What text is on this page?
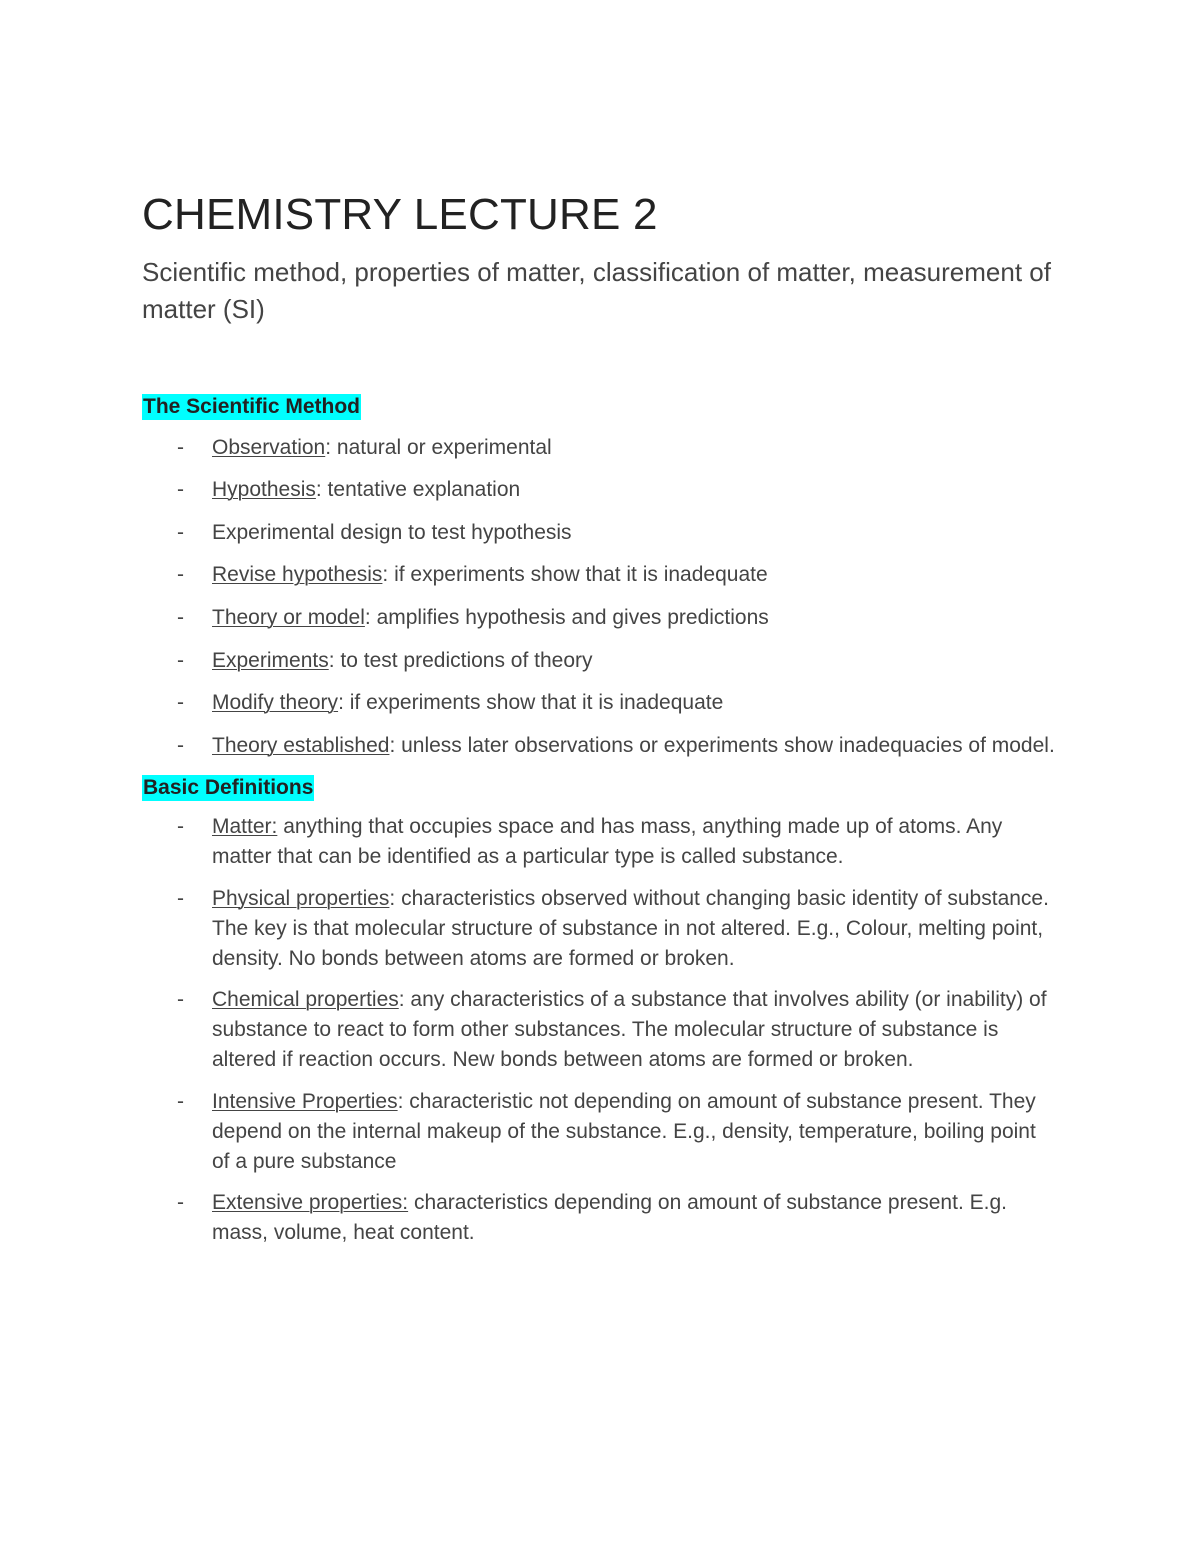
CHEMISTRY LECTURE 2
Scientific method, properties of matter, classification of matter, measurement of matter (SI)
The Scientific Method
- Observation: natural or experimental
- Hypothesis: tentative explanation
- Experimental design to test hypothesis
- Revise hypothesis: if experiments show that it is inadequate
- Theory or model: amplifies hypothesis and gives predictions
- Experiments: to test predictions of theory
- Modify theory: if experiments show that it is inadequate
- Theory established: unless later observations or experiments show inadequacies of model.
Basic Definitions
- Matter: anything that occupies space and has mass, anything made up of atoms. Any matter that can be identified as a particular type is called substance.
- Physical properties: characteristics observed without changing basic identity of substance. The key is that molecular structure of substance in not altered. E.g., Colour, melting point, density. No bonds between atoms are formed or broken.
- Chemical properties: any characteristics of a substance that involves ability (or inability) of substance to react to form other substances. The molecular structure of substance is altered if reaction occurs. New bonds between atoms are formed or broken.
- Intensive Properties: characteristic not depending on amount of substance present. They depend on the internal makeup of the substance. E.g., density, temperature, boiling point of a pure substance
- Extensive properties: characteristics depending on amount of substance present. E.g. mass, volume, heat content.
